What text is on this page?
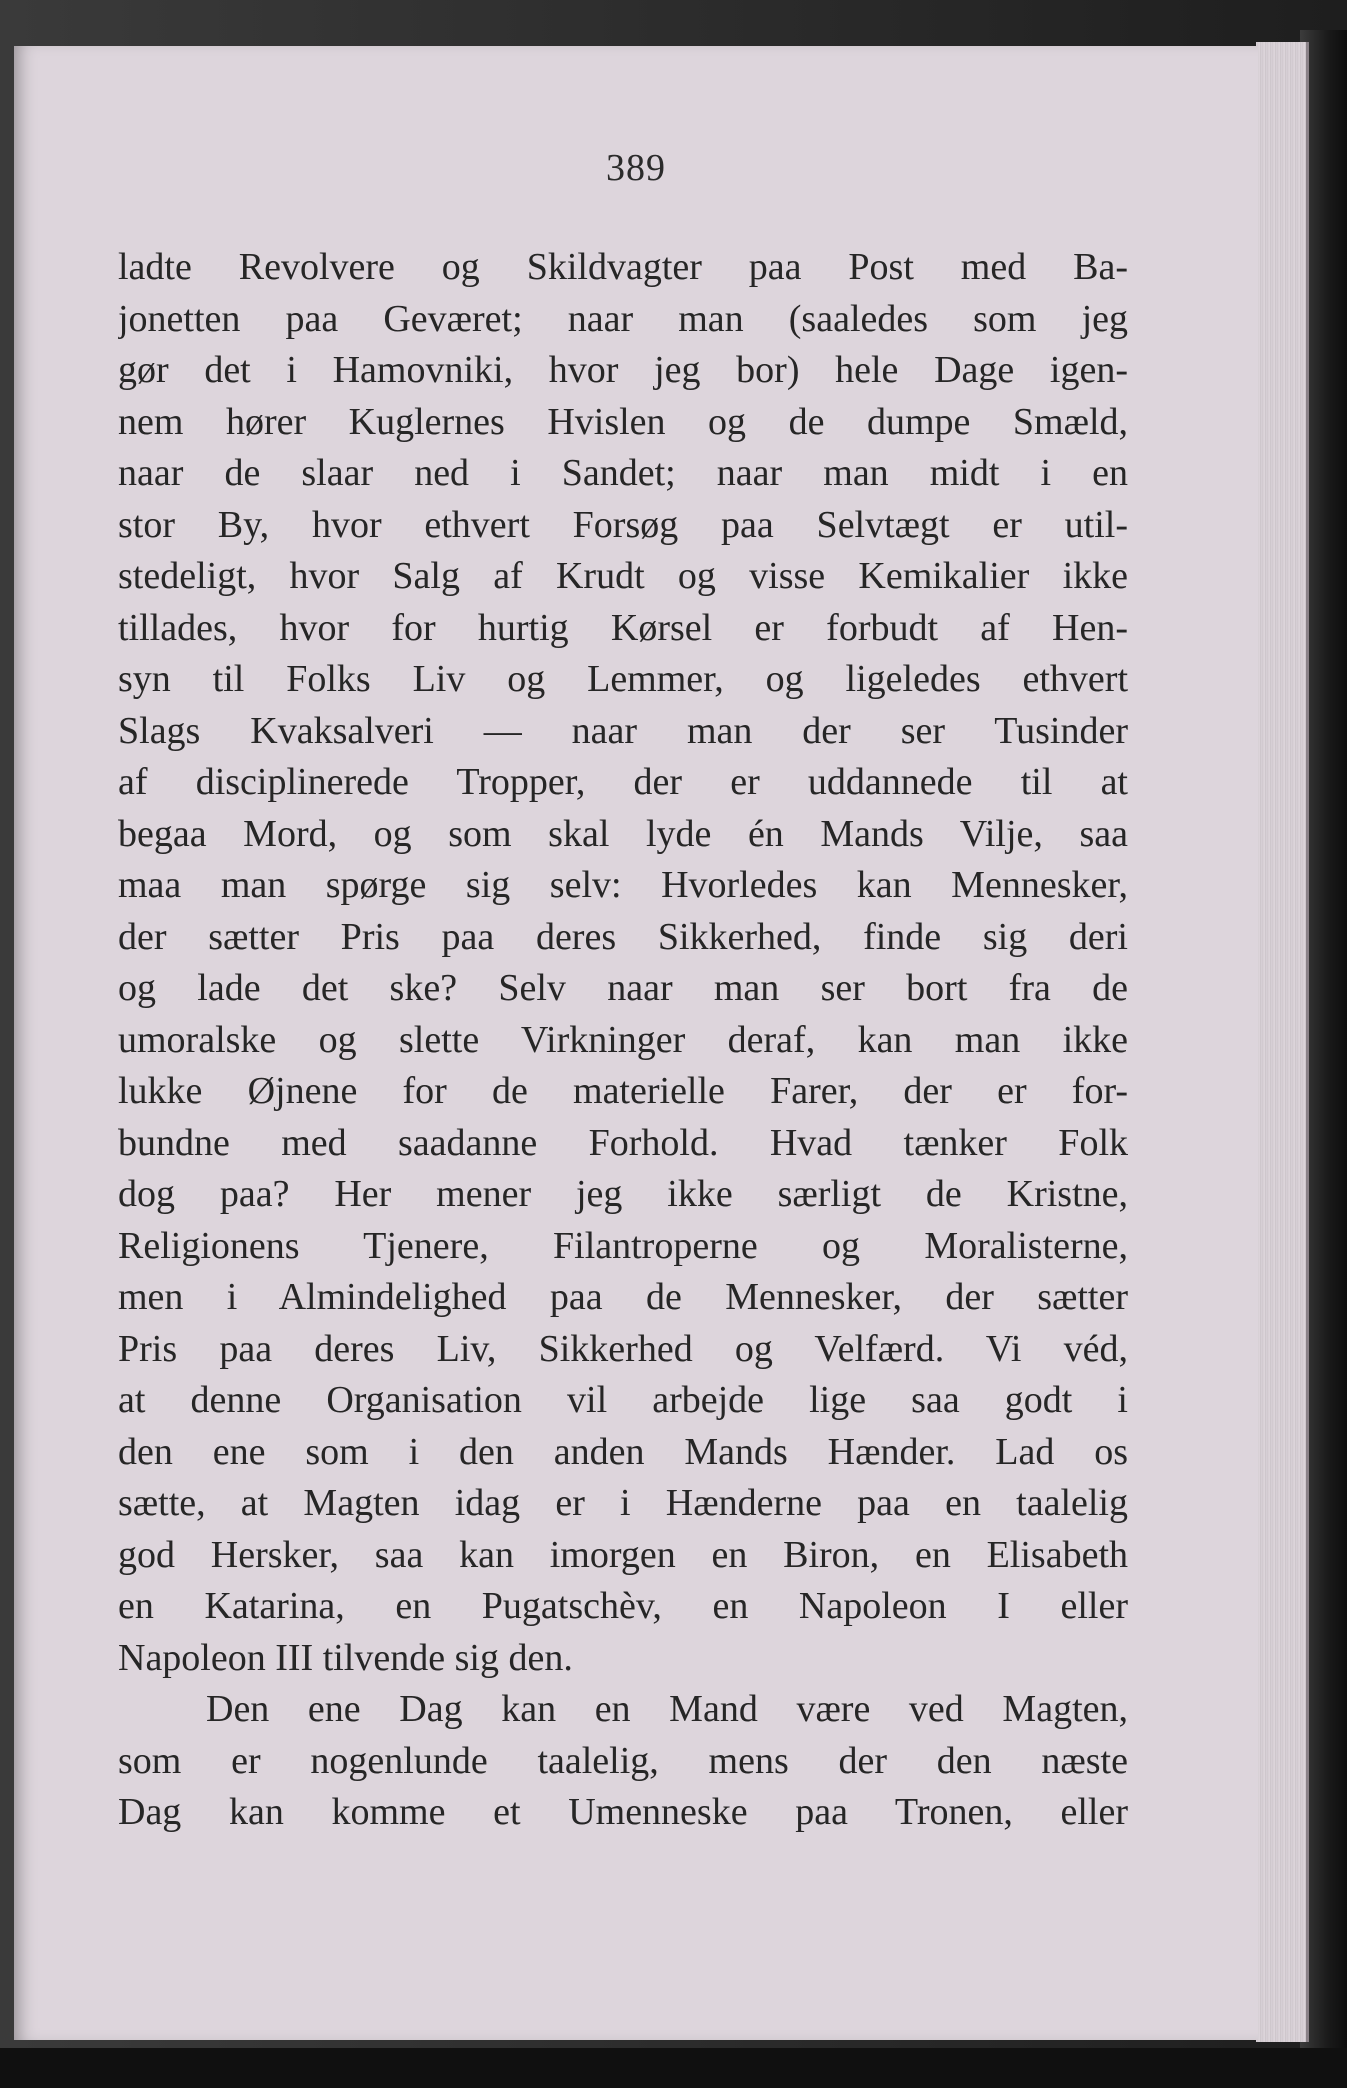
389
ladte Revolvere og Skildvagter paa Post med Ba-
jonetten paa Geværet; naar man (saaledes som jeg
gør det i Hamovniki, hvor jeg bor) hele Dage igen-
nem hører Kuglernes Hvislen og de dumpe Smæld,
naar de slaar ned i Sandet; naar man midt i en
stor By, hvor ethvert Forsøg paa Selvtægt er util-
stedeligt, hvor Salg af Krudt og visse Kemikalier ikke
tillades, hvor for hurtig Kørsel er forbudt af Hen-
syn til Folks Liv og Lemmer, og ligeledes ethvert
Slags Kvaksalveri — naar man der ser Tusinder
af disciplinerede Tropper, der er uddannede til at
begaa Mord, og som skal lyde én Mands Vilje, saa
maa man spørge sig selv: Hvorledes kan Mennesker,
der sætter Pris paa deres Sikkerhed, finde sig deri
og lade det ske? Selv naar man ser bort fra de
umoralske og slette Virkninger deraf, kan man ikke
lukke Øjnene for de materielle Farer, der er for-
bundne med saadanne Forhold. Hvad tænker Folk
dog paa? Her mener jeg ikke særligt de Kristne,
Religionens Tjenere, Filantroperne og Moralisterne,
men i Almindelighed paa de Mennesker, der sætter
Pris paa deres Liv, Sikkerhed og Velfærd. Vi véd,
at denne Organisation vil arbejde lige saa godt i
den ene som i den anden Mands Hænder. Lad os
sætte, at Magten idag er i Hænderne paa en taalelig
god Hersker, saa kan imorgen en Biron, en Elisabeth
en Katarina, en Pugatschèv, en Napoleon I eller
Napoleon III tilvende sig den.
Den ene Dag kan en Mand være ved Magten,
som er nogenlunde taalelig, mens der den næste
Dag kan komme et Umenneske paa Tronen, eller
